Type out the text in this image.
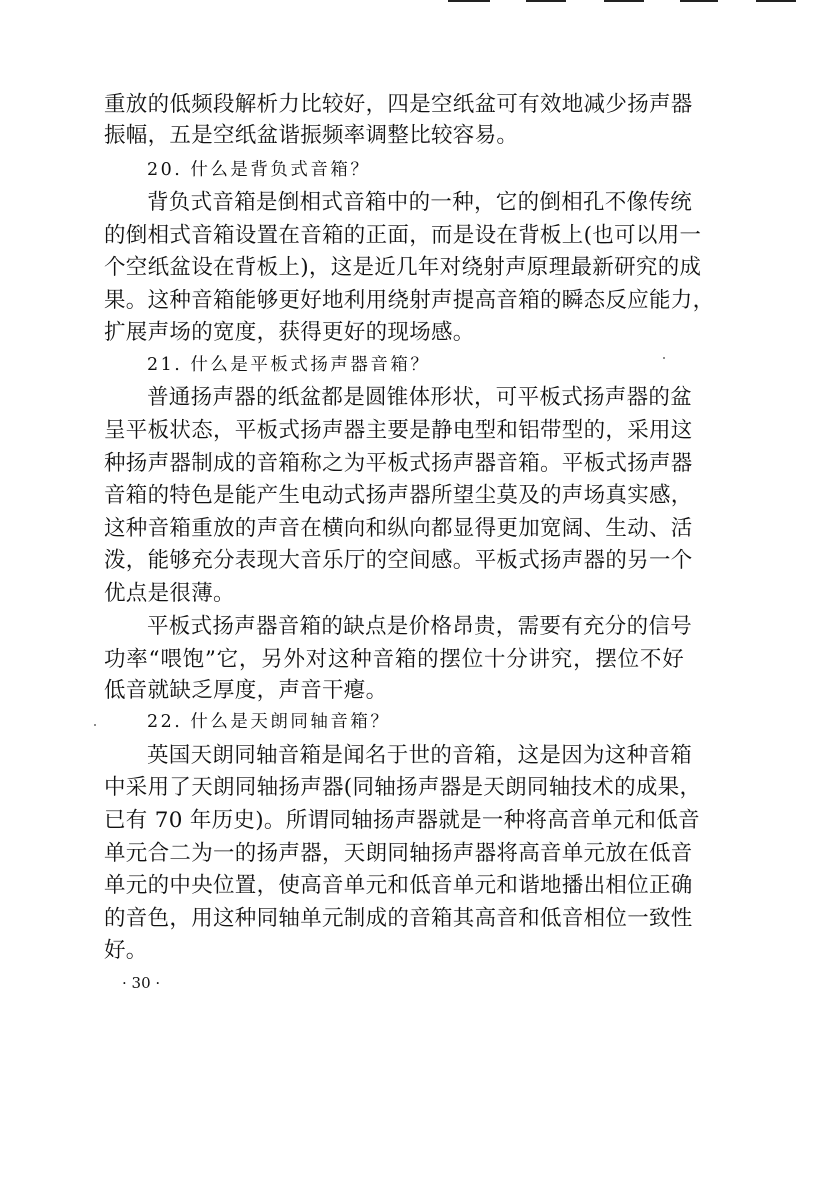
重放的低频段解析力比较好，四是空纸盆可有效地减少扬声器
振幅，五是空纸盆谐振频率调整比较容易。
20. 什么是背负式音箱？
背负式音箱是倒相式音箱中的一种，它的倒相孔不像传统
的倒相式音箱设置在音箱的正面，而是设在背板上(也可以用一
个空纸盆设在背板上)，这是近几年对绕射声原理最新研究的成
果。这种音箱能够更好地利用绕射声提高音箱的瞬态反应能力，
扩展声场的宽度，获得更好的现场感。
21. 什么是平板式扬声器音箱？
普通扬声器的纸盆都是圆锥体形状，可平板式扬声器的盆
呈平板状态，平板式扬声器主要是静电型和铝带型的，采用这
种扬声器制成的音箱称之为平板式扬声器音箱。平板式扬声器
音箱的特色是能产生电动式扬声器所望尘莫及的声场真实感，
这种音箱重放的声音在横向和纵向都显得更加宽阔、生动、活
泼，能够充分表现大音乐厅的空间感。平板式扬声器的另一个
优点是很薄。
平板式扬声器音箱的缺点是价格昂贵，需要有充分的信号
功率“喂饱”它，另外对这种音箱的摆位十分讲究，摆位不好
低音就缺乏厚度，声音干瘪。
22. 什么是天朗同轴音箱？
英国天朗同轴音箱是闻名于世的音箱，这是因为这种音箱
中采用了天朗同轴扬声器(同轴扬声器是天朗同轴技术的成果，
已有 70 年历史)。所谓同轴扬声器就是一种将高音单元和低音
单元合二为一的扬声器，天朗同轴扬声器将高音单元放在低音
单元的中央位置，使高音单元和低音单元和谐地播出相位正确
的音色，用这种同轴单元制成的音箱其高音和低音相位一致性
好。
· 30 ·
